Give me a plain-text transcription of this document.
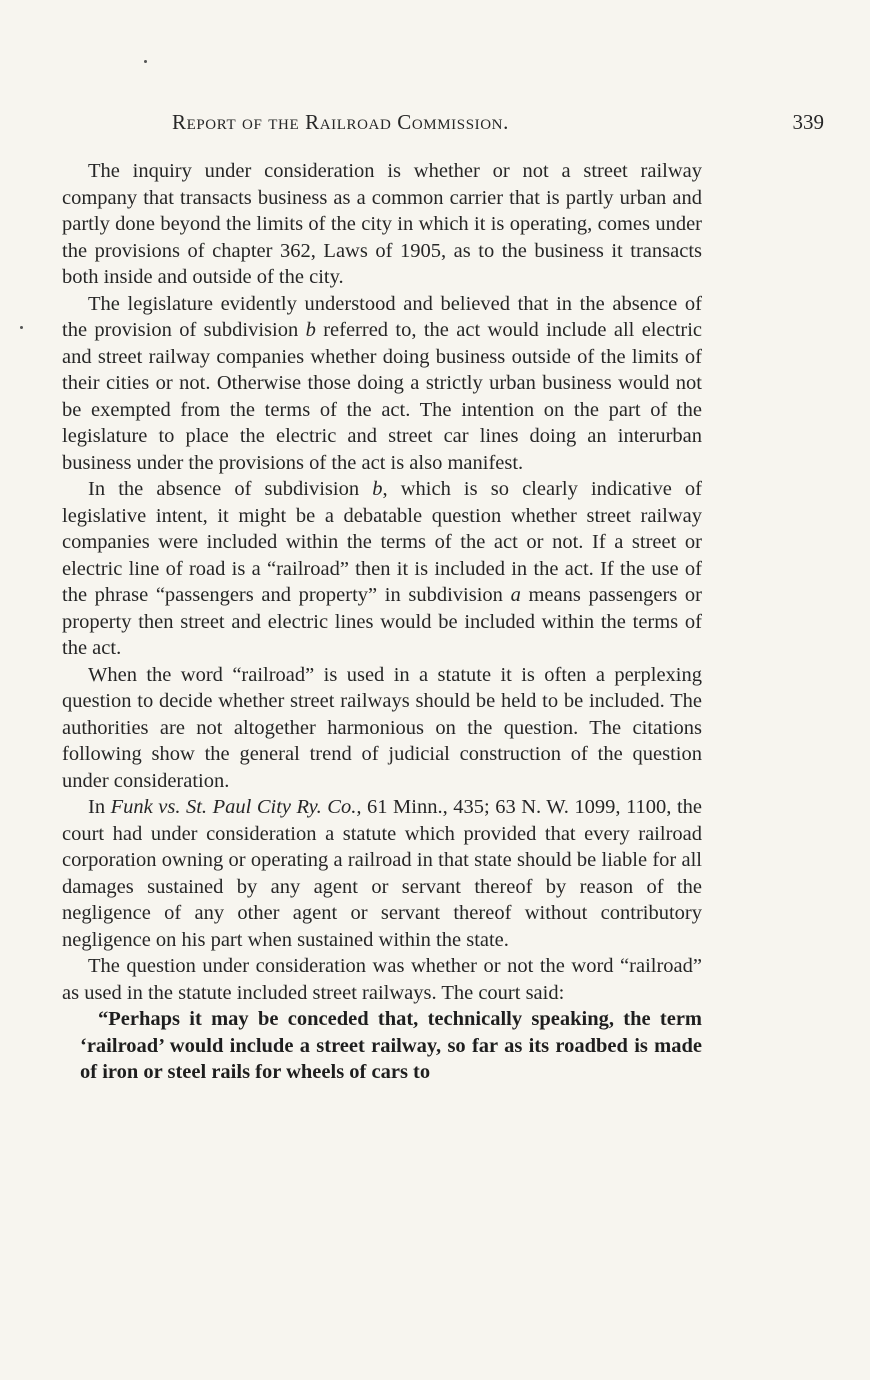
Report of the Railroad Commission.	339

The inquiry under consideration is whether or not a street railway company that transacts business as a common carrier that is partly urban and partly done beyond the limits of the city in which it is operating, comes under the provisions of chapter 362, Laws of 1905, as to the business it transacts both inside and outside of the city.

The legislature evidently understood and believed that in the absence of the provision of subdivision b referred to, the act would include all electric and street railway companies whether doing business outside of the limits of their cities or not. Otherwise those doing a strictly urban business would not be exempted from the terms of the act. The intention on the part of the legislature to place the electric and street car lines doing an interurban business under the provisions of the act is also manifest.

In the absence of subdivision b, which is so clearly indicative of legislative intent, it might be a debatable question whether street railway companies were included within the terms of the act or not. If a street or electric line of road is a “railroad” then it is included in the act. If the use of the phrase “passengers and property” in subdivision a means passengers or property then street and electric lines would be included within the terms of the act.

When the word “railroad” is used in a statute it is often a perplexing question to decide whether street railways should be held to be included. The authorities are not altogether harmonious on the question. The citations following show the general trend of judicial construction of the question under consideration.

In Funk vs. St. Paul City Ry. Co., 61 Minn., 435; 63 N. W. 1099, 1100, the court had under consideration a statute which provided that every railroad corporation owning or operating a railroad in that state should be liable for all damages sustained by any agent or servant thereof by reason of the negligence of any other agent or servant thereof without contributory negligence on his part when sustained within the state.

The question under consideration was whether or not the word “railroad” as used in the statute included street railways. The court said:

“Perhaps it may be conceded that, technically speaking, the term ‘railroad’ would include a street railway, so far as its roadbed is made of iron or steel rails for wheels of cars to
